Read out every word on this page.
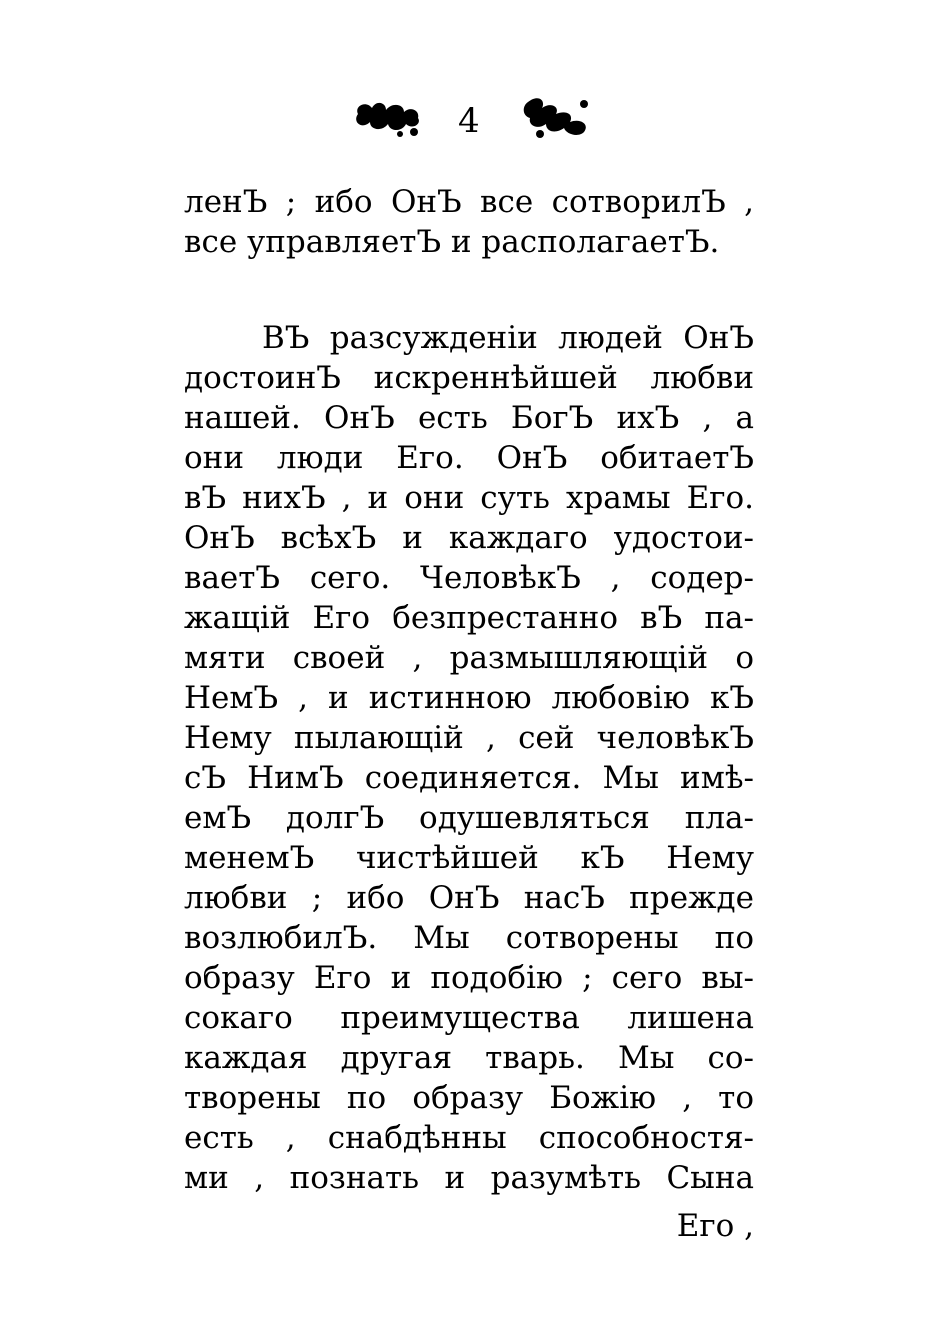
4
ленЪ ; ибо ОнЪ все сотворилЪ ,
все управляетЪ и располагаетЪ.
ВЪ разсужденіи людей ОнЪ
достоинЪ искреннѣйшей любви
нашей. ОнЪ есть БогЪ ихЪ , а
они люди Его. ОнЪ обитаетЪ
вЪ нихЪ , и они суть храмы Его.
ОнЪ всѣхЪ и каждаго удостои-
ваетЪ сего. ЧеловѣкЪ , содер-
жащій Его безпрестанно вЪ па-
мяти своей , размышляющій о
НемЪ , и истинною любовію кЪ
Нему пылающій , сей человѣкЪ
сЪ НимЪ соединяется. Мы имѣ-
емЪ долгЪ одушевляться пла-
менемЪ чистѣйшей кЪ Нему
любви ; ибо ОнЪ насЪ прежде
возлюбилЪ. Мы сотворены по
образу Его и подобію ; сего вы-
сокаго преимущества лишена
каждая другая тварь. Мы со-
творены по образу Божію , то
есть , снабдѣнны способностя-
ми , познать и разумѣть Сына
Его ,
